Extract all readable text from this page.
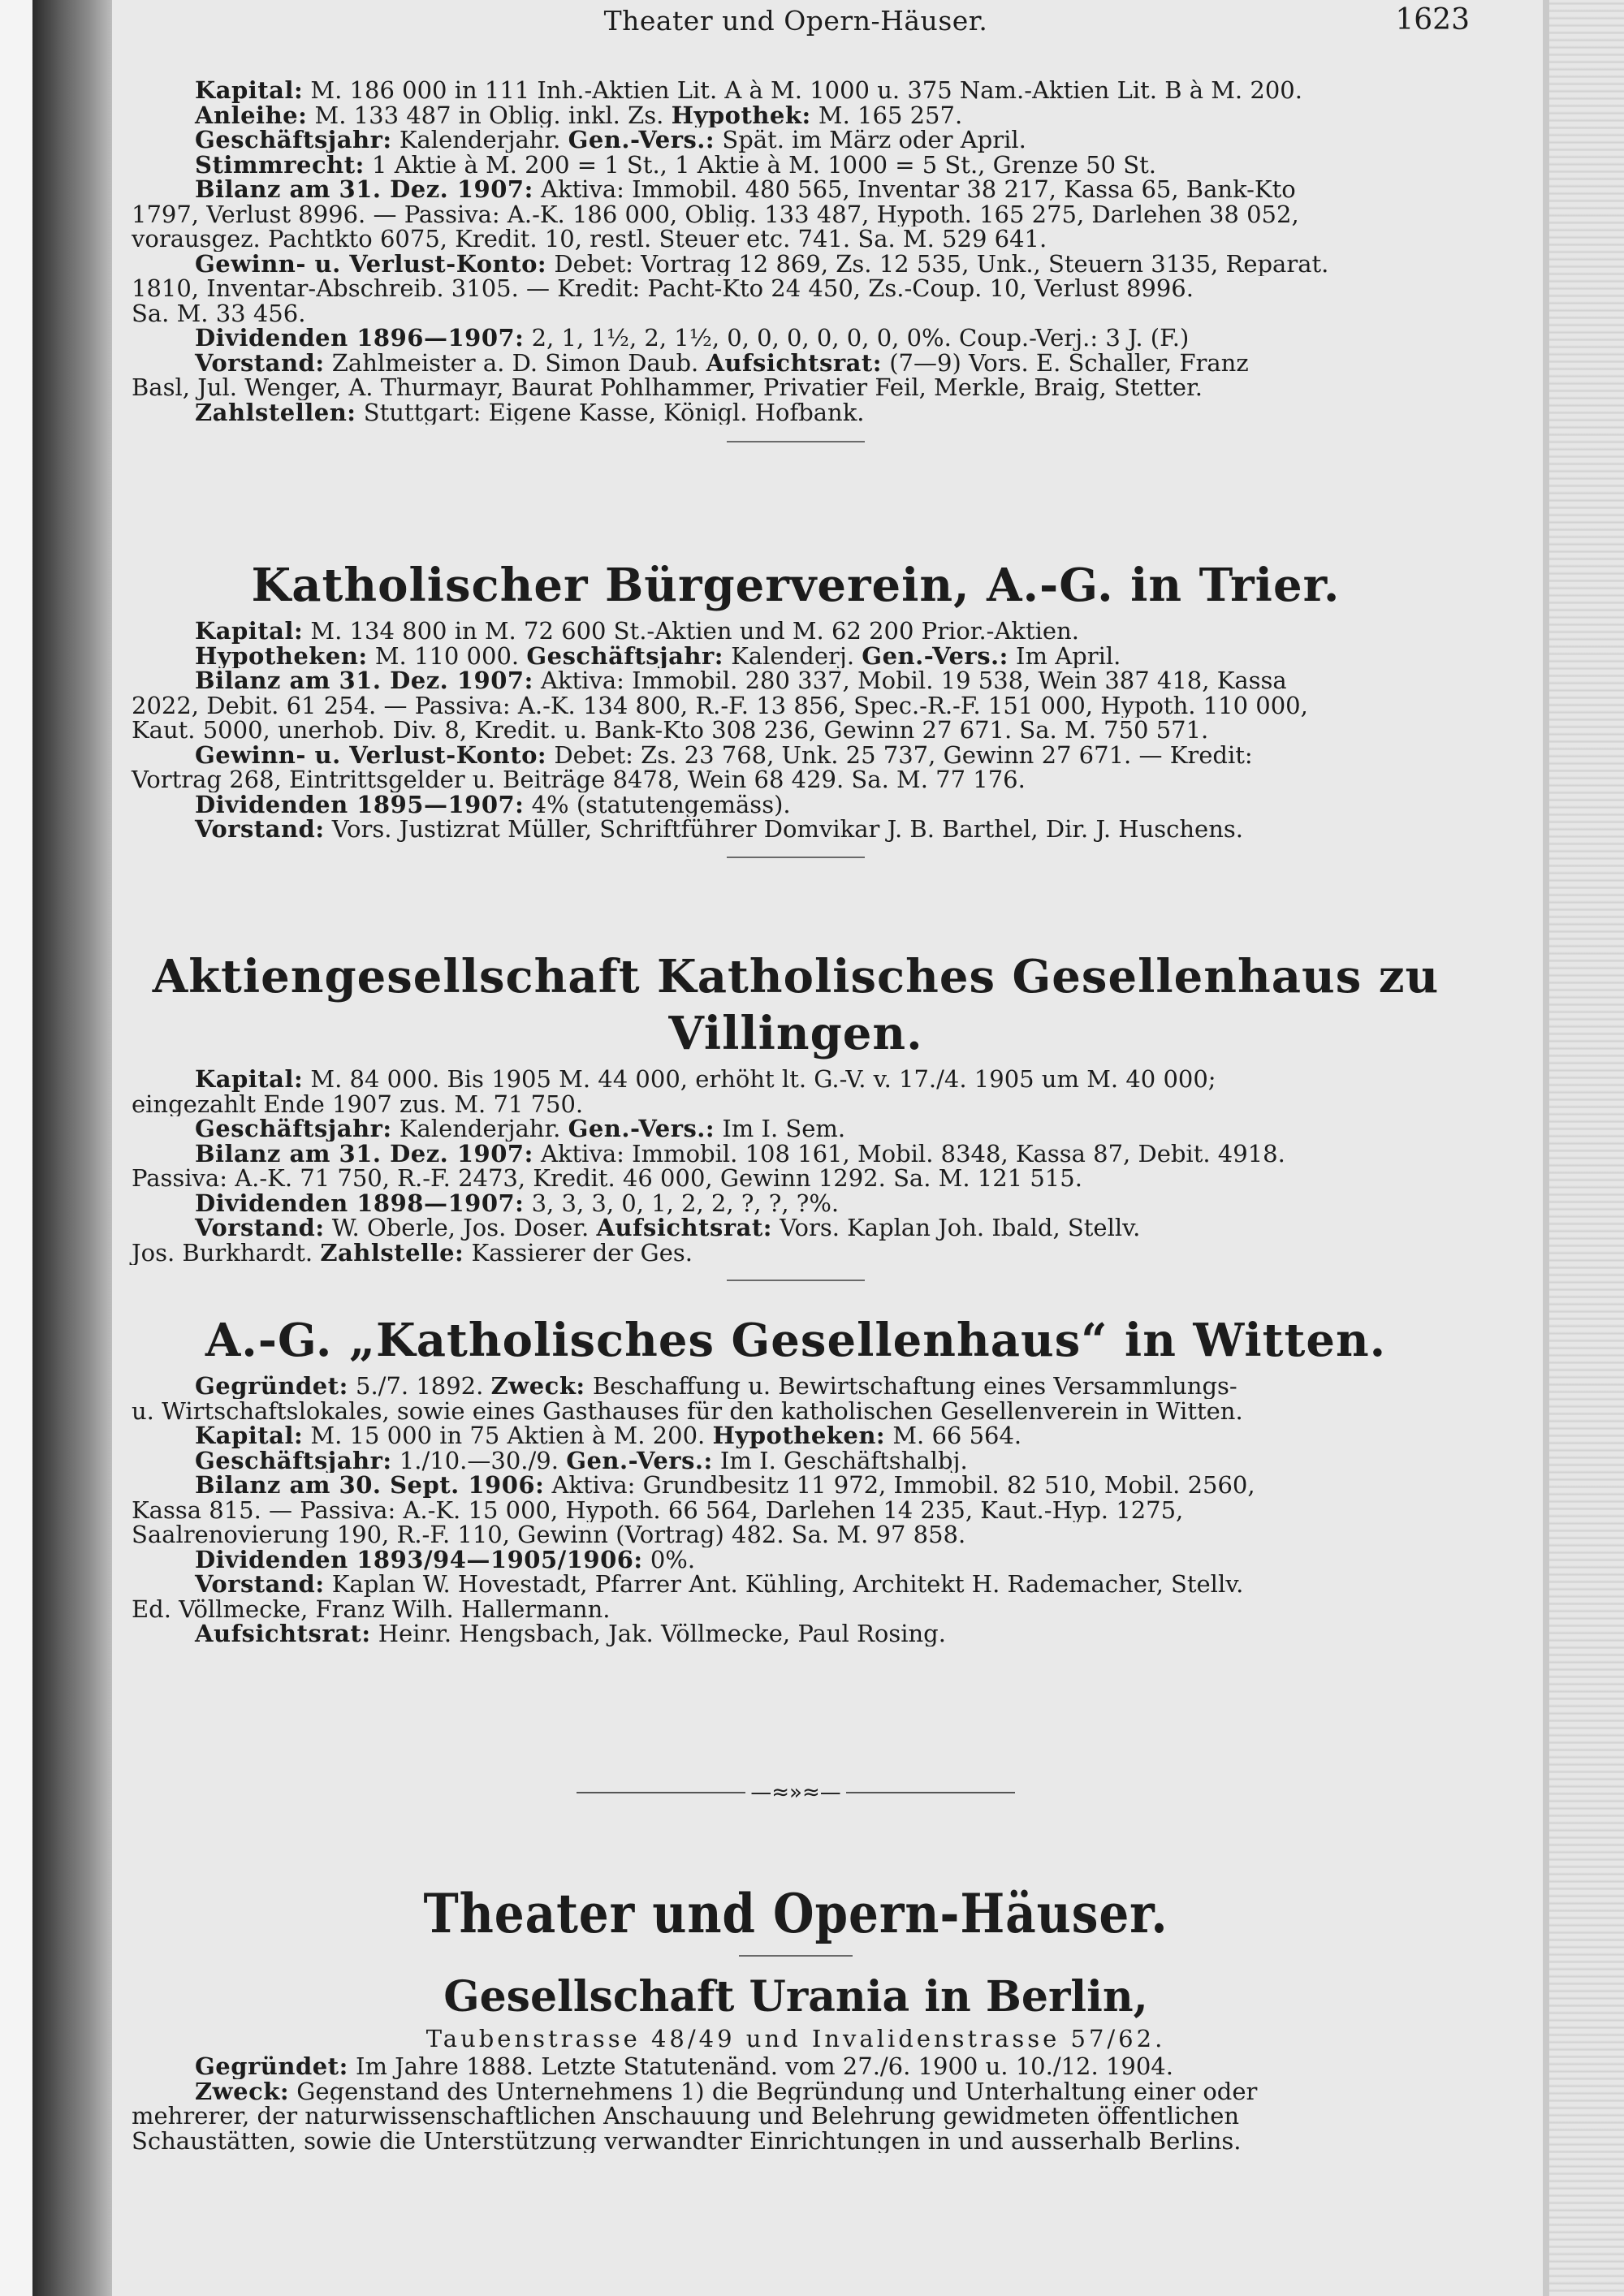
Theater und Opern-Häuser.	1623
Kapital: M. 186 000 in 111 Inh.-Aktien Lit. A à M. 1000 u. 375 Nam.-Aktien Lit. B à M. 200.
Anleihe: M. 133 487 in Oblig. inkl. Zs. Hypothek: M. 165 257.
Geschäftsjahr: Kalenderjahr. Gen.-Vers.: Spät. im März oder April.
Stimmrecht: 1 Aktie à M. 200 = 1 St., 1 Aktie à M. 1000 = 5 St., Grenze 50 St.
Bilanz am 31. Dez. 1907: Aktiva: Immobil. 480 565, Inventar 38 217, Kassa 65, Bank-Kto
1797, Verlust 8996. — Passiva: A.-K. 186 000, Oblig. 133 487, Hypoth. 165 275, Darlehen 38 052,
vorausgez. Pachtkto 6075, Kredit. 10, restl. Steuer etc. 741. Sa. M. 529 641.
Gewinn- u. Verlust-Konto: Debet: Vortrag 12 869, Zs. 12 535, Unk., Steuern 3135, Reparat.
1810, Inventar-Abschreib. 3105. — Kredit: Pacht-Kto 24 450, Zs.-Coup. 10, Verlust 8996.
Sa. M. 33 456.
Dividenden 1896—1907: 2, 1, 1½, 2, 1½, 0, 0, 0, 0, 0, 0, 0%. Coup.-Verj.: 3 J. (F.)
Vorstand: Zahlmeister a. D. Simon Daub. Aufsichtsrat: (7—9) Vors. E. Schaller, Franz
Basl, Jul. Wenger, A. Thurmayr, Baurat Pohlhammer, Privatier Feil, Merkle, Braig, Stetter.
Zahlstellen: Stuttgart: Eigene Kasse, Königl. Hofbank.
Katholischer Bürgerverein, A.-G. in Trier.
Kapital: M. 134 800 in M. 72 600 St.-Aktien und M. 62 200 Prior.-Aktien.
Hypotheken: M. 110 000. Geschäftsjahr: Kalenderj. Gen.-Vers.: Im April.
Bilanz am 31. Dez. 1907: Aktiva: Immobil. 280 337, Mobil. 19 538, Wein 387 418, Kassa
2022, Debit. 61 254. — Passiva: A.-K. 134 800, R.-F. 13 856, Spec.-R.-F. 151 000, Hypoth. 110 000,
Kaut. 5000, unerhob. Div. 8, Kredit. u. Bank-Kto 308 236, Gewinn 27 671. Sa. M. 750 571.
Gewinn- u. Verlust-Konto: Debet: Zs. 23 768, Unk. 25 737, Gewinn 27 671. — Kredit:
Vortrag 268, Eintrittsgelder u. Beiträge 8478, Wein 68 429. Sa. M. 77 176.
Dividenden 1895—1907: 4% (statutengemäss).
Vorstand: Vors. Justizrat Müller, Schriftführer Domvikar J. B. Barthel, Dir. J. Huschens.
Aktiengesellschaft Katholisches Gesellenhaus zu Villingen.
Kapital: M. 84 000. Bis 1905 M. 44 000, erhöht lt. G.-V. v. 17./4. 1905 um M. 40 000;
eingezahlt Ende 1907 zus. M. 71 750.
Geschäftsjahr: Kalenderjahr. Gen.-Vers.: Im I. Sem.
Bilanz am 31. Dez. 1907: Aktiva: Immobil. 108 161, Mobil. 8348, Kassa 87, Debit. 4918.
Passiva: A.-K. 71 750, R.-F. 2473, Kredit. 46 000, Gewinn 1292. Sa. M. 121 515.
Dividenden 1898—1907: 3, 3, 3, 0, 1, 2, 2, ?, ?, ?%.
Vorstand: W. Oberle, Jos. Doser. Aufsichtsrat: Vors. Kaplan Joh. Ibald, Stellv.
Jos. Burkhardt. Zahlstelle: Kassierer der Ges.
A.-G. „Katholisches Gesellenhaus“ in Witten.
Gegründet: 5./7. 1892. Zweck: Beschaffung u. Bewirtschaftung eines Versammlungs-
u. Wirtschaftslokales, sowie eines Gasthauses für den katholischen Gesellenverein in Witten.
Kapital: M. 15 000 in 75 Aktien à M. 200. Hypotheken: M. 66 564.
Geschäftsjahr: 1./10.—30./9. Gen.-Vers.: Im I. Geschäftshalbj.
Bilanz am 30. Sept. 1906: Aktiva: Grundbesitz 11 972, Immobil. 82 510, Mobil. 2560,
Kassa 815. — Passiva: A.-K. 15 000, Hypoth. 66 564, Darlehen 14 235, Kaut.-Hyp. 1275,
Saalrenovierung 190, R.-F. 110, Gewinn (Vortrag) 482. Sa. M. 97 858.
Dividenden 1893/94—1905/1906: 0%.
Vorstand: Kaplan W. Hovestadt, Pfarrer Ant. Kühling, Architekt H. Rademacher, Stellv.
Ed. Völlmecke, Franz Wilh. Hallermann.
Aufsichtsrat: Heinr. Hengsbach, Jak. Völlmecke, Paul Rosing.
—≈»≈—
Theater und Opern-Häuser.
Gesellschaft Urania in Berlin,
Taubenstrasse 48/49 und Invalidenstrasse 57/62.
Gegründet: Im Jahre 1888. Letzte Statutenänd. vom 27./6. 1900 u. 10./12. 1904.
Zweck: Gegenstand des Unternehmens 1) die Begründung und Unterhaltung einer oder
mehrerer, der naturwissenschaftlichen Anschauung und Belehrung gewidmeten öffentlichen
Schaustätten, sowie die Unterstützung verwandter Einrichtungen in und ausserhalb Berlins.
